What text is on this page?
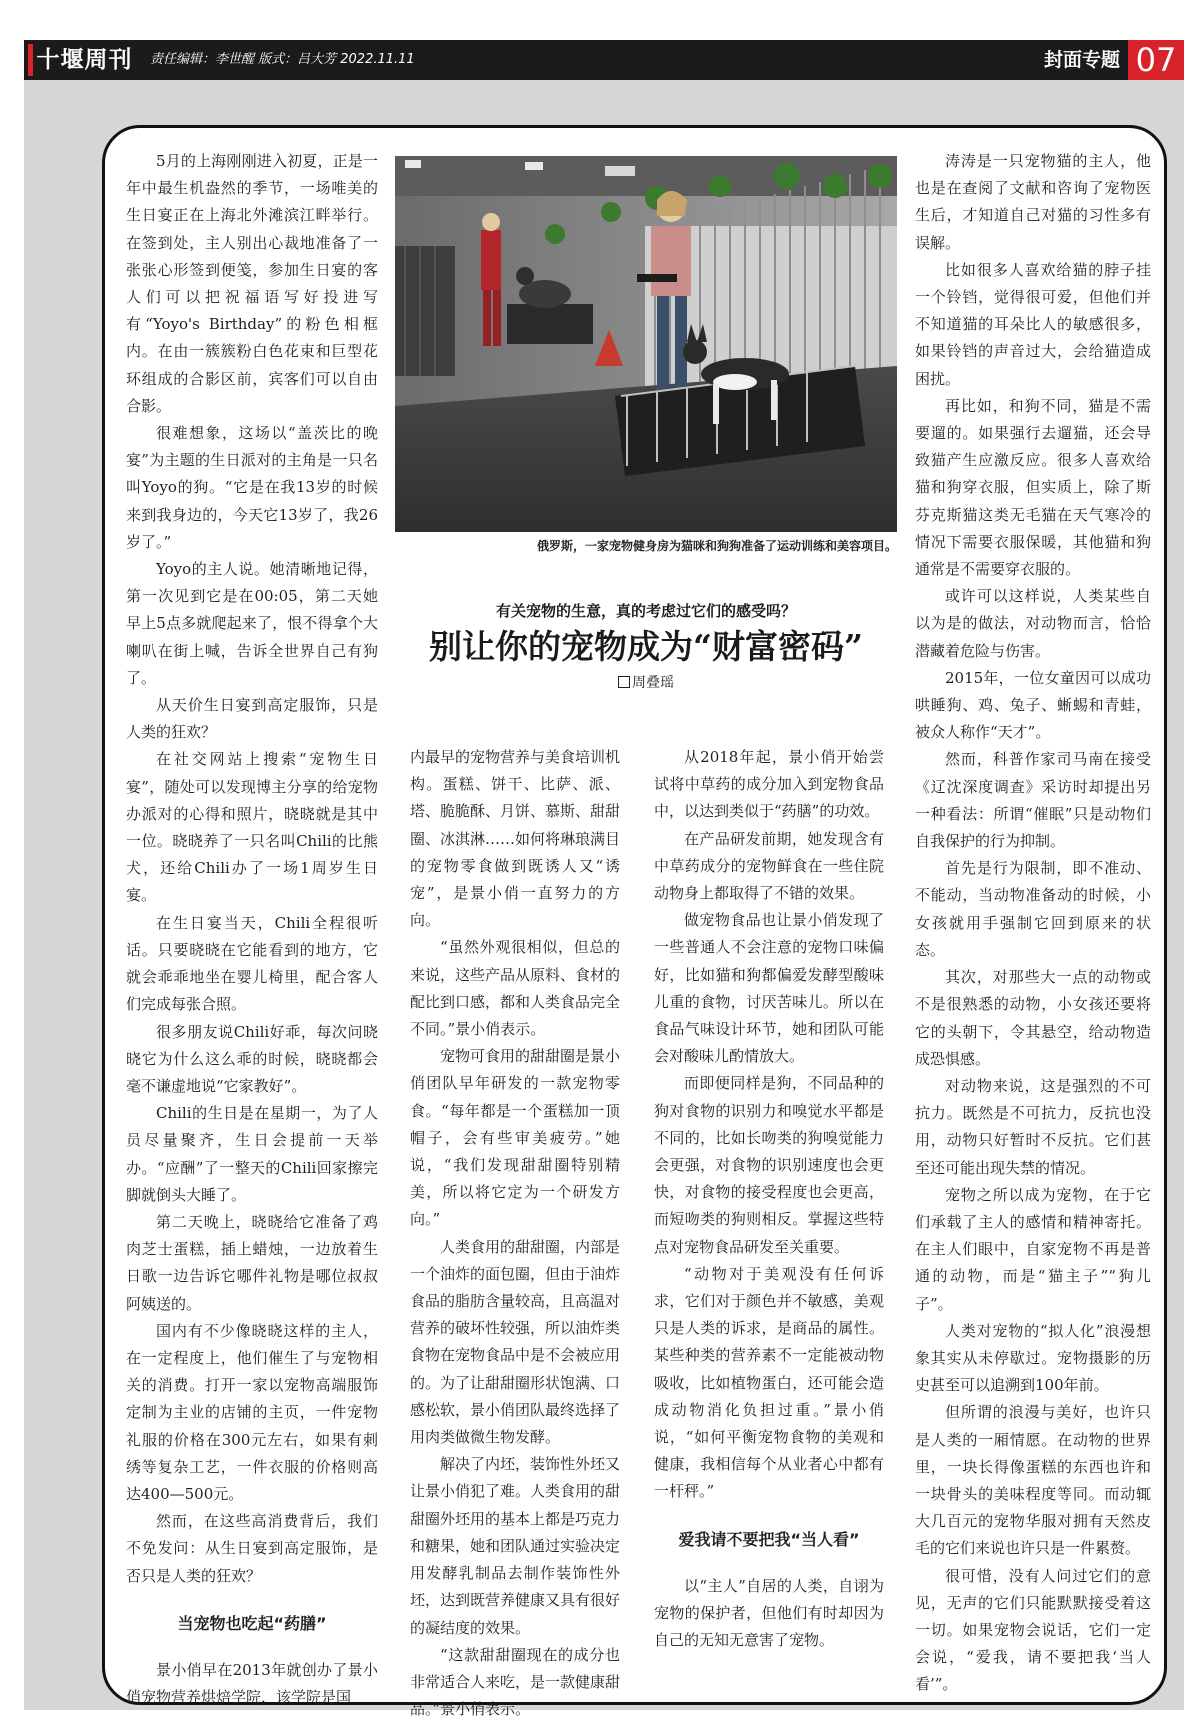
十堰周刊 责任编辑：李世醒 版式：吕大芳 2022.11.11	封面专题 07

5月的上海刚刚进入初夏，正是一年中最生机盎然的季节，一场唯美的生日宴正在上海北外滩滨江畔举行。在签到处，主人别出心裁地准备了一张张心形签到便笺，参加生日宴的客人们可以把祝福语写好投进写有“Yoyo's Birthday”的粉色相框内。在由一簇簇粉白色花束和巨型花环组成的合影区前，宾客们可以自由合影。

很难想象，这场以“盖茨比的晚宴”为主题的生日派对的主角是一只名叫Yoyo的狗。“它是在我13岁的时候来到我身边的，今天它13岁了，我26岁了。”

Yoyo的主人说。她清晰地记得，第一次见到它是在00:05，第二天她早上5点多就爬起来了，恨不得拿个大喇叭在街上喊，告诉全世界自己有狗了。

从天价生日宴到高定服饰，只是人类的狂欢？

在社交网站上搜索“宠物生日宴”，随处可以发现博主分享的给宠物办派对的心得和照片，晓晓就是其中一位。晓晓养了一只名叫Chili的比熊犬，还给Chili办了一场1周岁生日宴。

在生日宴当天，Chili全程很听话。只要晓晓在它能看到的地方，它就会乖乖地坐在婴儿椅里，配合客人们完成每张合照。

很多朋友说Chili好乖，每次问晓晓它为什么这么乖的时候，晓晓都会毫不谦虚地说“它家教好”。

Chili的生日是在星期一，为了人员尽量聚齐，生日会提前一天举办。“应酬”了一整天的Chili回家擦完脚就倒头大睡了。

第二天晚上，晓晓给它准备了鸡肉芝士蛋糕，插上蜡烛，一边放着生日歌一边告诉它哪件礼物是哪位叔叔阿姨送的。

国内有不少像晓晓这样的主人，在一定程度上，他们催生了与宠物相关的消费。打开一家以宠物高端服饰定制为主业的店铺的主页，一件宠物礼服的价格在300元左右，如果有刺绣等复杂工艺，一件衣服的价格则高达400—500元。

然而，在这些高消费背后，我们不免发问：从生日宴到高定服饰，是否只是人类的狂欢？

当宠物也吃起“药膳”

景小俏早在2013年就创办了景小俏宠物营养烘焙学院，该学院是国

俄罗斯，一家宠物健身房为猫咪和狗狗准备了运动训练和美容项目。
有关宠物的生意，真的考虑过它们的感受吗？
别让你的宠物成为“财富密码”
周叠瑶

内最早的宠物营养与美食培训机构。蛋糕、饼干、比萨、派、塔、脆脆酥、月饼、慕斯、甜甜圈、冰淇淋……如何将琳琅满目的宠物零食做到既诱人又“诱宠”，是景小俏一直努力的方向。

“虽然外观很相似，但总的来说，这些产品从原料、食材的配比到口感，都和人类食品完全不同。”景小俏表示。

宠物可食用的甜甜圈是景小俏团队早年研发的一款宠物零食。“每年都是一个蛋糕加一顶帽子，会有些审美疲劳。”她说，“我们发现甜甜圈特别精美，所以将它定为一个研发方向。”

人类食用的甜甜圈，内部是一个油炸的面包圈，但由于油炸食品的脂肪含量较高，且高温对营养的破坏性较强，所以油炸类食物在宠物食品中是不会被应用的。为了让甜甜圈形状饱满、口感松软，景小俏团队最终选择了用肉类做微生物发酵。

解决了内坯，装饰性外坯又让景小俏犯了难。人类食用的甜甜圈外坯用的基本上都是巧克力和糖果，她和团队通过实验决定用发酵乳制品去制作装饰性外坯，达到既营养健康又具有很好的凝结度的效果。

“这款甜甜圈现在的成分也非常适合人来吃，是一款健康甜品。”景小俏表示。

从2018年起，景小俏开始尝试将中草药的成分加入到宠物食品中，以达到类似于“药膳”的功效。

在产品研发前期，她发现含有中草药成分的宠物鲜食在一些住院动物身上都取得了不错的效果。

做宠物食品也让景小俏发现了一些普通人不会注意的宠物口味偏好，比如猫和狗都偏爱发酵型酸味儿重的食物，讨厌苦味儿。所以在食品气味设计环节，她和团队可能会对酸味儿酌情放大。

而即便同样是狗，不同品种的狗对食物的识别力和嗅觉水平都是不同的，比如长吻类的狗嗅觉能力会更强，对食物的识别速度也会更快，对食物的接受程度也会更高，而短吻类的狗则相反。掌握这些特点对宠物食品研发至关重要。

“动物对于美观没有任何诉求，它们对于颜色并不敏感，美观只是人类的诉求，是商品的属性。某些种类的营养素不一定能被动物吸收，比如植物蛋白，还可能会造成动物消化负担过重。”景小俏说，“如何平衡宠物食物的美观和健康，我相信每个从业者心中都有一杆秤。”

爱我请不要把我“当人看”

以“主人”自居的人类，自诩为宠物的保护者，但他们有时却因为自己的无知无意害了宠物。

涛涛是一只宠物猫的主人，他也是在查阅了文献和咨询了宠物医生后，才知道自己对猫的习性多有误解。

比如很多人喜欢给猫的脖子挂一个铃铛，觉得很可爱，但他们并不知道猫的耳朵比人的敏感很多，如果铃铛的声音过大，会给猫造成困扰。

再比如，和狗不同，猫是不需要遛的。如果强行去遛猫，还会导致猫产生应激反应。很多人喜欢给猫和狗穿衣服，但实质上，除了斯芬克斯猫这类无毛猫在天气寒冷的情况下需要衣服保暖，其他猫和狗通常是不需要穿衣服的。

或许可以这样说，人类某些自以为是的做法，对动物而言，恰恰潜藏着危险与伤害。

2015年，一位女童因可以成功哄睡狗、鸡、兔子、蜥蜴和青蛙，被众人称作“天才”。

然而，科普作家司马南在接受《辽沈深度调查》采访时却提出另一种看法：所谓“催眠”只是动物们自我保护的行为抑制。

首先是行为限制，即不准动、不能动，当动物准备动的时候，小女孩就用手强制它回到原来的状态。

其次，对那些大一点的动物或不是很熟悉的动物，小女孩还要将它的头朝下，令其悬空，给动物造成恐惧感。

对动物来说，这是强烈的不可抗力。既然是不可抗力，反抗也没用，动物只好暂时不反抗。它们甚至还可能出现失禁的情况。

宠物之所以成为宠物，在于它们承载了主人的感情和精神寄托。在主人们眼中，自家宠物不再是普通的动物，而是“猫主子”“狗儿子”。

人类对宠物的“拟人化”浪漫想象其实从未停歇过。宠物摄影的历史甚至可以追溯到100年前。

但所谓的浪漫与美好，也许只是人类的一厢情愿。在动物的世界里，一块长得像蛋糕的东西也许和一块骨头的美味程度等同。而动辄大几百元的宠物华服对拥有天然皮毛的它们来说也许只是一件累赘。

很可惜，没有人问过它们的意见，无声的它们只能默默接受着这一切。如果宠物会说话，它们一定会说，“爱我，请不要把我‘当人看’”。
